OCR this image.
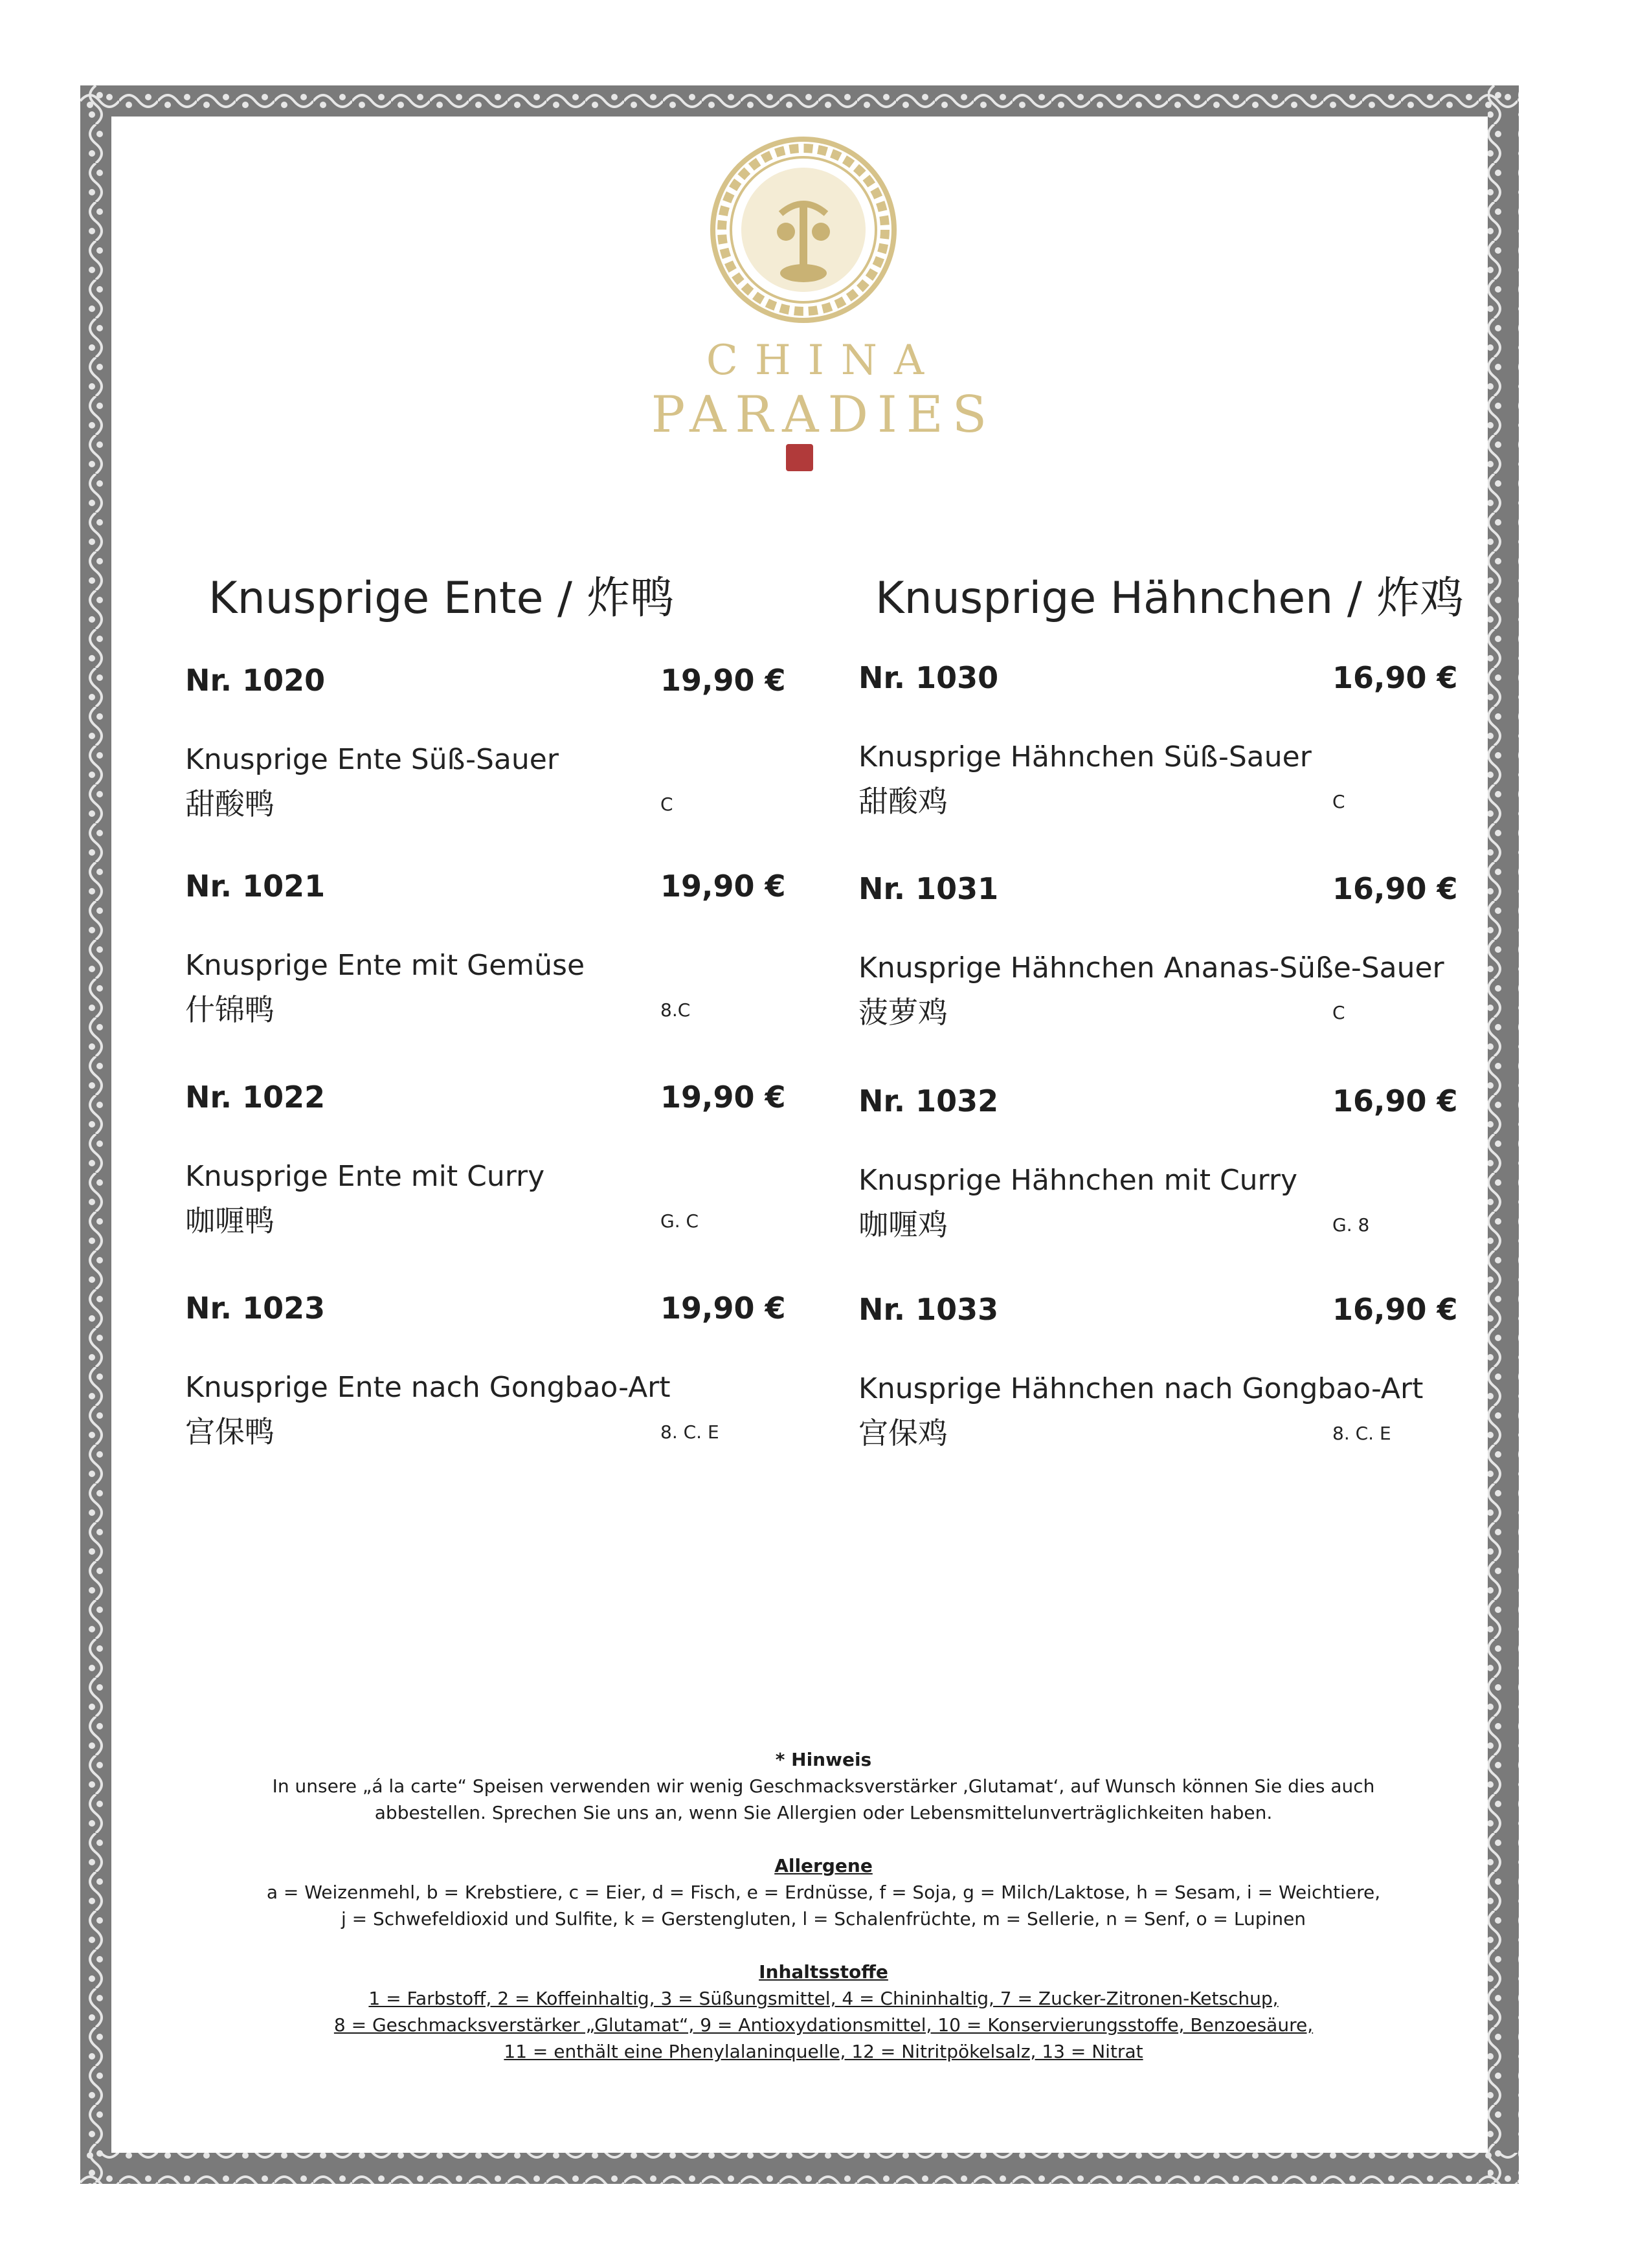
CHINA
PARADIES
Knusprige Ente / 炸鸭
Nr. 1020	19,90 €
Knusprige Ente Süß-Sauer
甜酸鸭	C
Nr. 1021	19,90 €
Knusprige Ente mit Gemüse
什锦鸭	8.C
Nr. 1022	19,90 €
Knusprige Ente mit Curry
咖喱鸭	G. C
Nr. 1023	19,90 €
Knusprige Ente nach Gongbao-Art
宫保鸭	8. C. E
Knusprige Hähnchen / 炸鸡
Nr. 1030	16,90 €
Knusprige Hähnchen Süß-Sauer
甜酸鸡	C
Nr. 1031	16,90 €
Knusprige Hähnchen Ananas-Süße-Sauer
菠萝鸡	C
Nr. 1032	16,90 €
Knusprige Hähnchen mit Curry
咖喱鸡	G. 8
Nr. 1033	16,90 €
Knusprige Hähnchen nach Gongbao-Art
宫保鸡	8. C. E
* Hinweis
In unsere „á la carte“ Speisen verwenden wir wenig Geschmacksverstärker ‚Glutamat‘, auf Wunsch können Sie dies auch
abbestellen. Sprechen Sie uns an, wenn Sie Allergien oder Lebensmittelunverträglichkeiten haben.
Allergene
a = Weizenmehl, b = Krebstiere, c = Eier, d = Fisch, e = Erdnüsse, f = Soja, g = Milch/Laktose, h = Sesam, i = Weichtiere,
j = Schwefeldioxid und Sulfite, k = Gerstengluten, l = Schalenfrüchte, m = Sellerie, n = Senf, o = Lupinen
Inhaltsstoffe
1 = Farbstoff, 2 = Koffeinhaltig, 3 = Süßungsmittel, 4 = Chininhaltig, 7 = Zucker-Zitronen-Ketschup,
8 = Geschmacksverstärker „Glutamat“, 9 = Antioxydationsmittel, 10 = Konservierungsstoffe, Benzoesäure,
11 = enthält eine Phenylalaninquelle, 12 = Nitritpökelsalz, 13 = Nitrat
